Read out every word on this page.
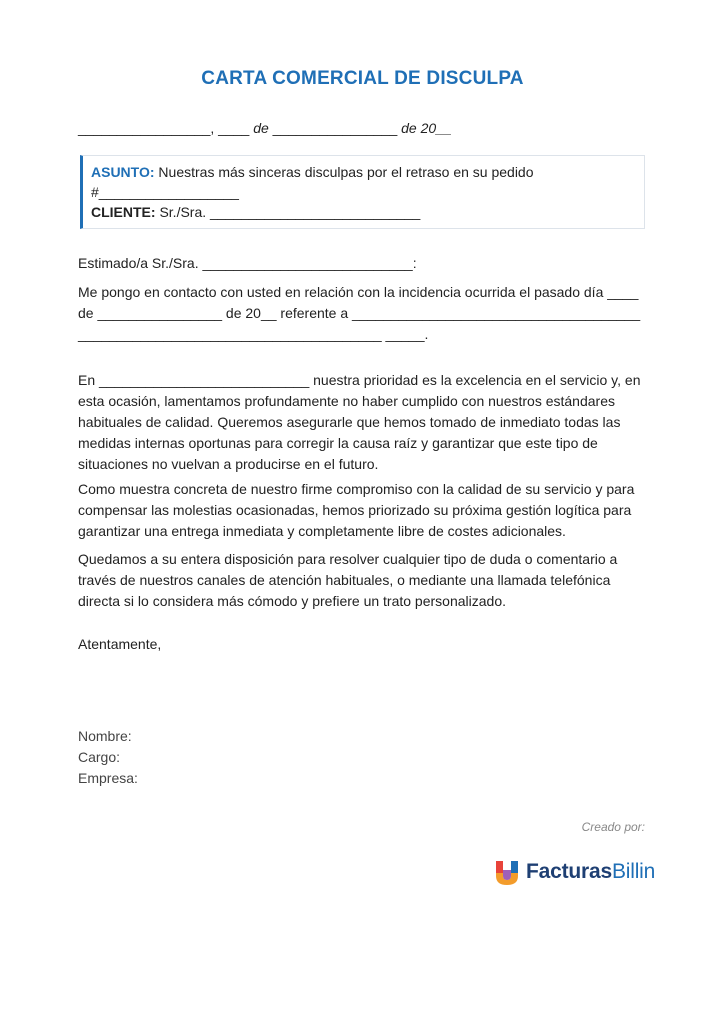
CARTA COMERCIAL DE DISCULPA
_________________, ____ de ________________ de 20__
ASUNTO: Nuestras más sinceras disculpas por el retraso en su pedido
#__________________
CLIENTE: Sr./Sra. ___________________________
Estimado/a Sr./Sra. ___________________________:
Me pongo en contacto con usted en relación con la incidencia ocurrida el pasado día ____ de ________________ de 20__ referente a ____________________________________________________________________________ _____.
En ___________________________ nuestra prioridad es la excelencia en el servicio y, en esta ocasión, lamentamos profundamente no haber cumplido con nuestros estándares habituales de calidad. Queremos asegurarle que hemos tomado de inmediato todas las medidas internas oportunas para corregir la causa raíz y garantizar que este tipo de situaciones no vuelvan a producirse en el futuro.
Como muestra concreta de nuestro firme compromiso con la calidad de su servicio y para compensar las molestias ocasionadas, hemos priorizado su próxima gestión logítica para garantizar una entrega inmediata y completamente libre de costes adicionales.
Quedamos a su entera disposición para resolver cualquier tipo de duda o comentario a través de nuestros canales de atención habituales, o mediante una llamada telefónica directa si lo considera más cómodo y prefiere un trato personalizado.
Atentamente,
Nombre:
Cargo:
Empresa:
Creado por:
FacturasBillin
